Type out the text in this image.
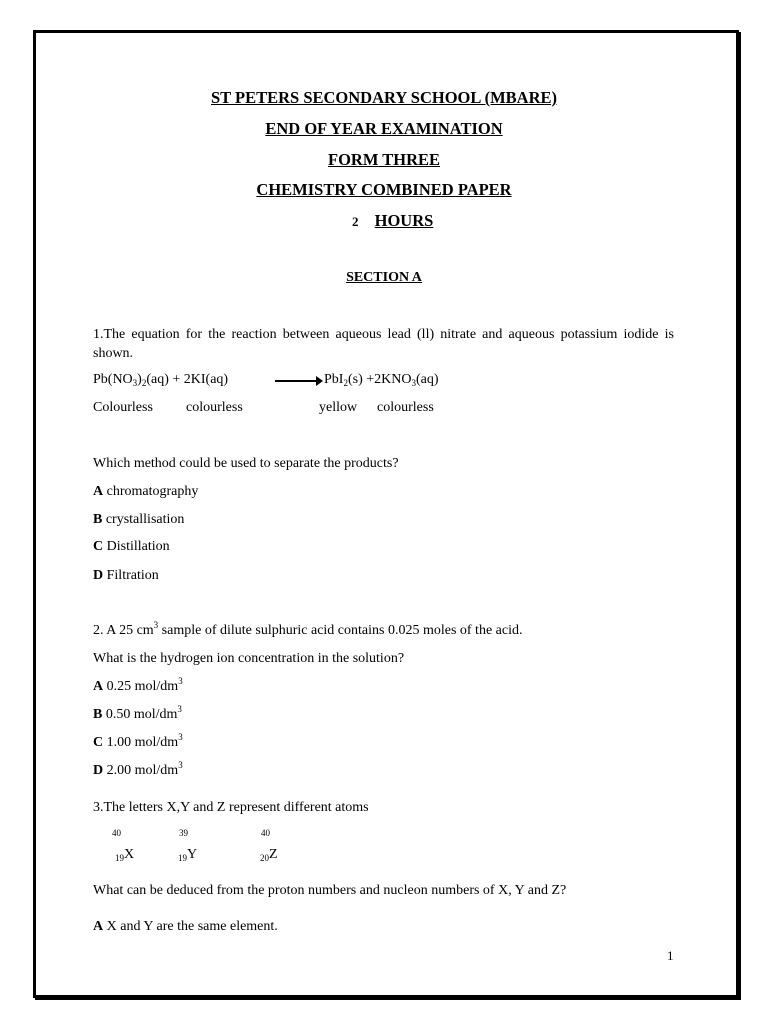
ST PETERS SECONDARY SCHOOL (MBARE)
END OF YEAR EXAMINATION
FORM THREE
CHEMISTRY COMBINED PAPER
2 HOURS
SECTION A
1.The equation for the reaction between aqueous lead (ll) nitrate and aqueous potassium iodide is shown.
$Pb(NO_3)_2(aq) + 2KI(aq)$	→ $PbI_2(s) +2KNO_3(aq)$
Colourless colourless	yellow colourless
Which method could be used to separate the products?
A chromatography
B crystallisation
C Distillation
D Filtration
2. A 25 $cm^3$ sample of dilute sulphuric acid contains 0.025 moles of the acid.
What is the hydrogen ion concentration in the solution?
A 0.25 mol/$dm^3$
B 0.50 mol/$dm^3$
C 1.00 mol/$dm^3$
D 2.00 mol/$dm^3$
3.The letters X,Y and Z represent different atoms
40	39	40
$_{19}$X	$_{19}$Y	$_{20}$Z
What can be deduced from the proton numbers and nucleon numbers of X, Y and Z?
A X and Y are the same element.
1
